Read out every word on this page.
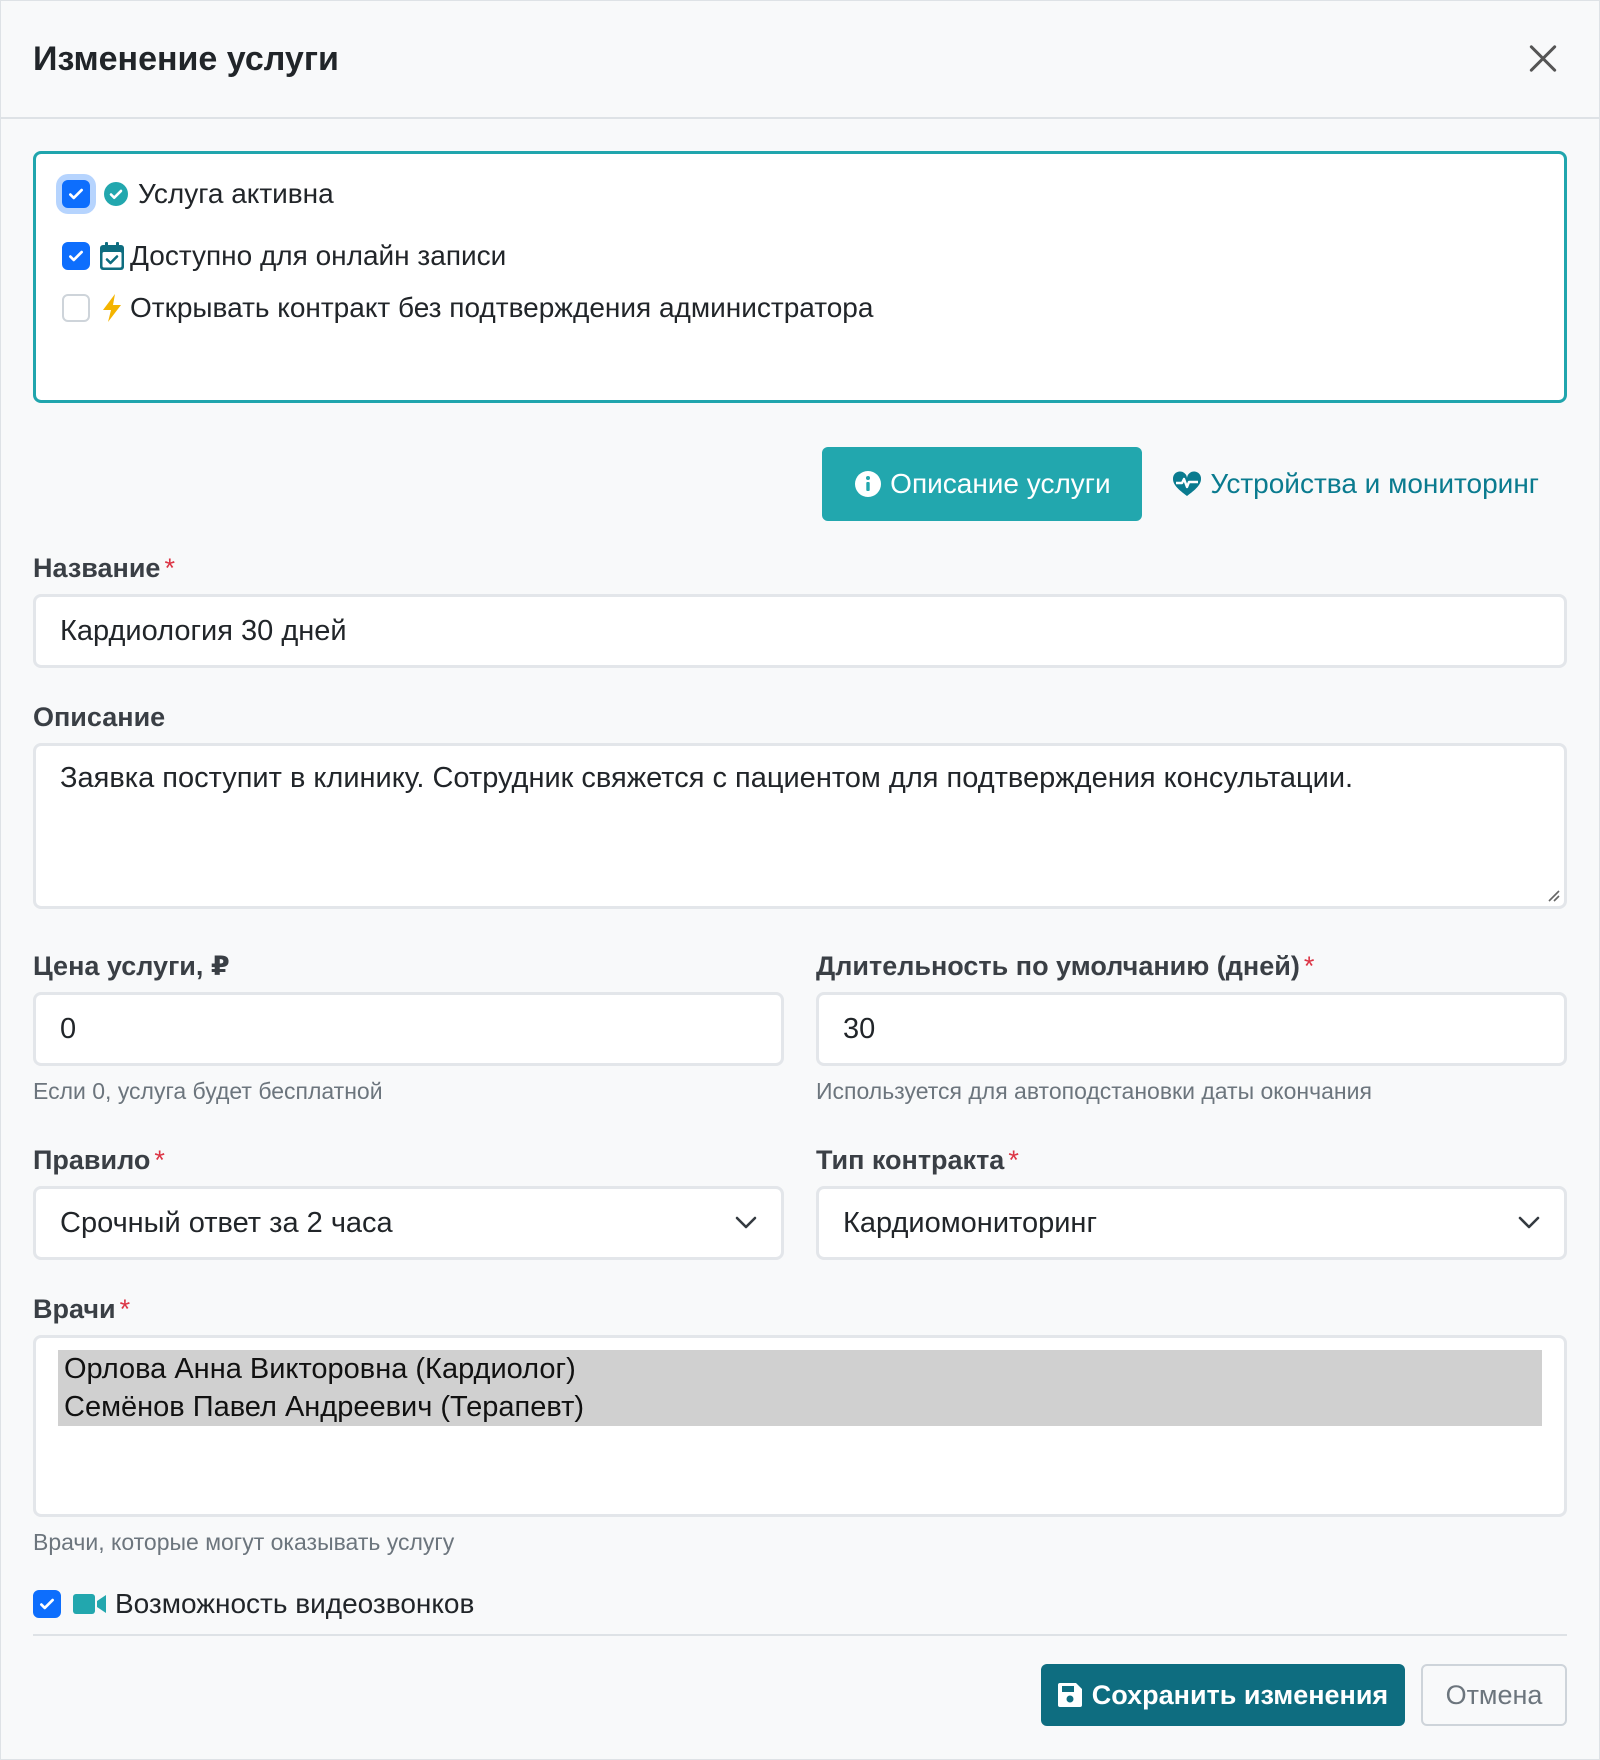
Изменение услуги
Услуга активна
Доступно для онлайн записи
Открывать контракт без подтверждения администратора
Описание услуги	Устройства и мониторинг
Название *
Кардиология 30 дней
Описание
Заявка поступит в клинику. Сотрудник свяжется с пациентом для подтверждения консультации.
Цена услуги, ₽
0
Если 0, услуга будет бесплатной
Длительность по умолчанию (дней) *
30
Используется для автоподстановки даты окончания
Правило *
Срочный ответ за 2 часа
Тип контракта *
Кардиомониторинг
Врачи *
Орлова Анна Викторовна (Кардиолог)
Семёнов Павел Андреевич (Терапевт)
Врачи, которые могут оказывать услугу
Возможность видеозвонков
Сохранить изменения	Отмена
